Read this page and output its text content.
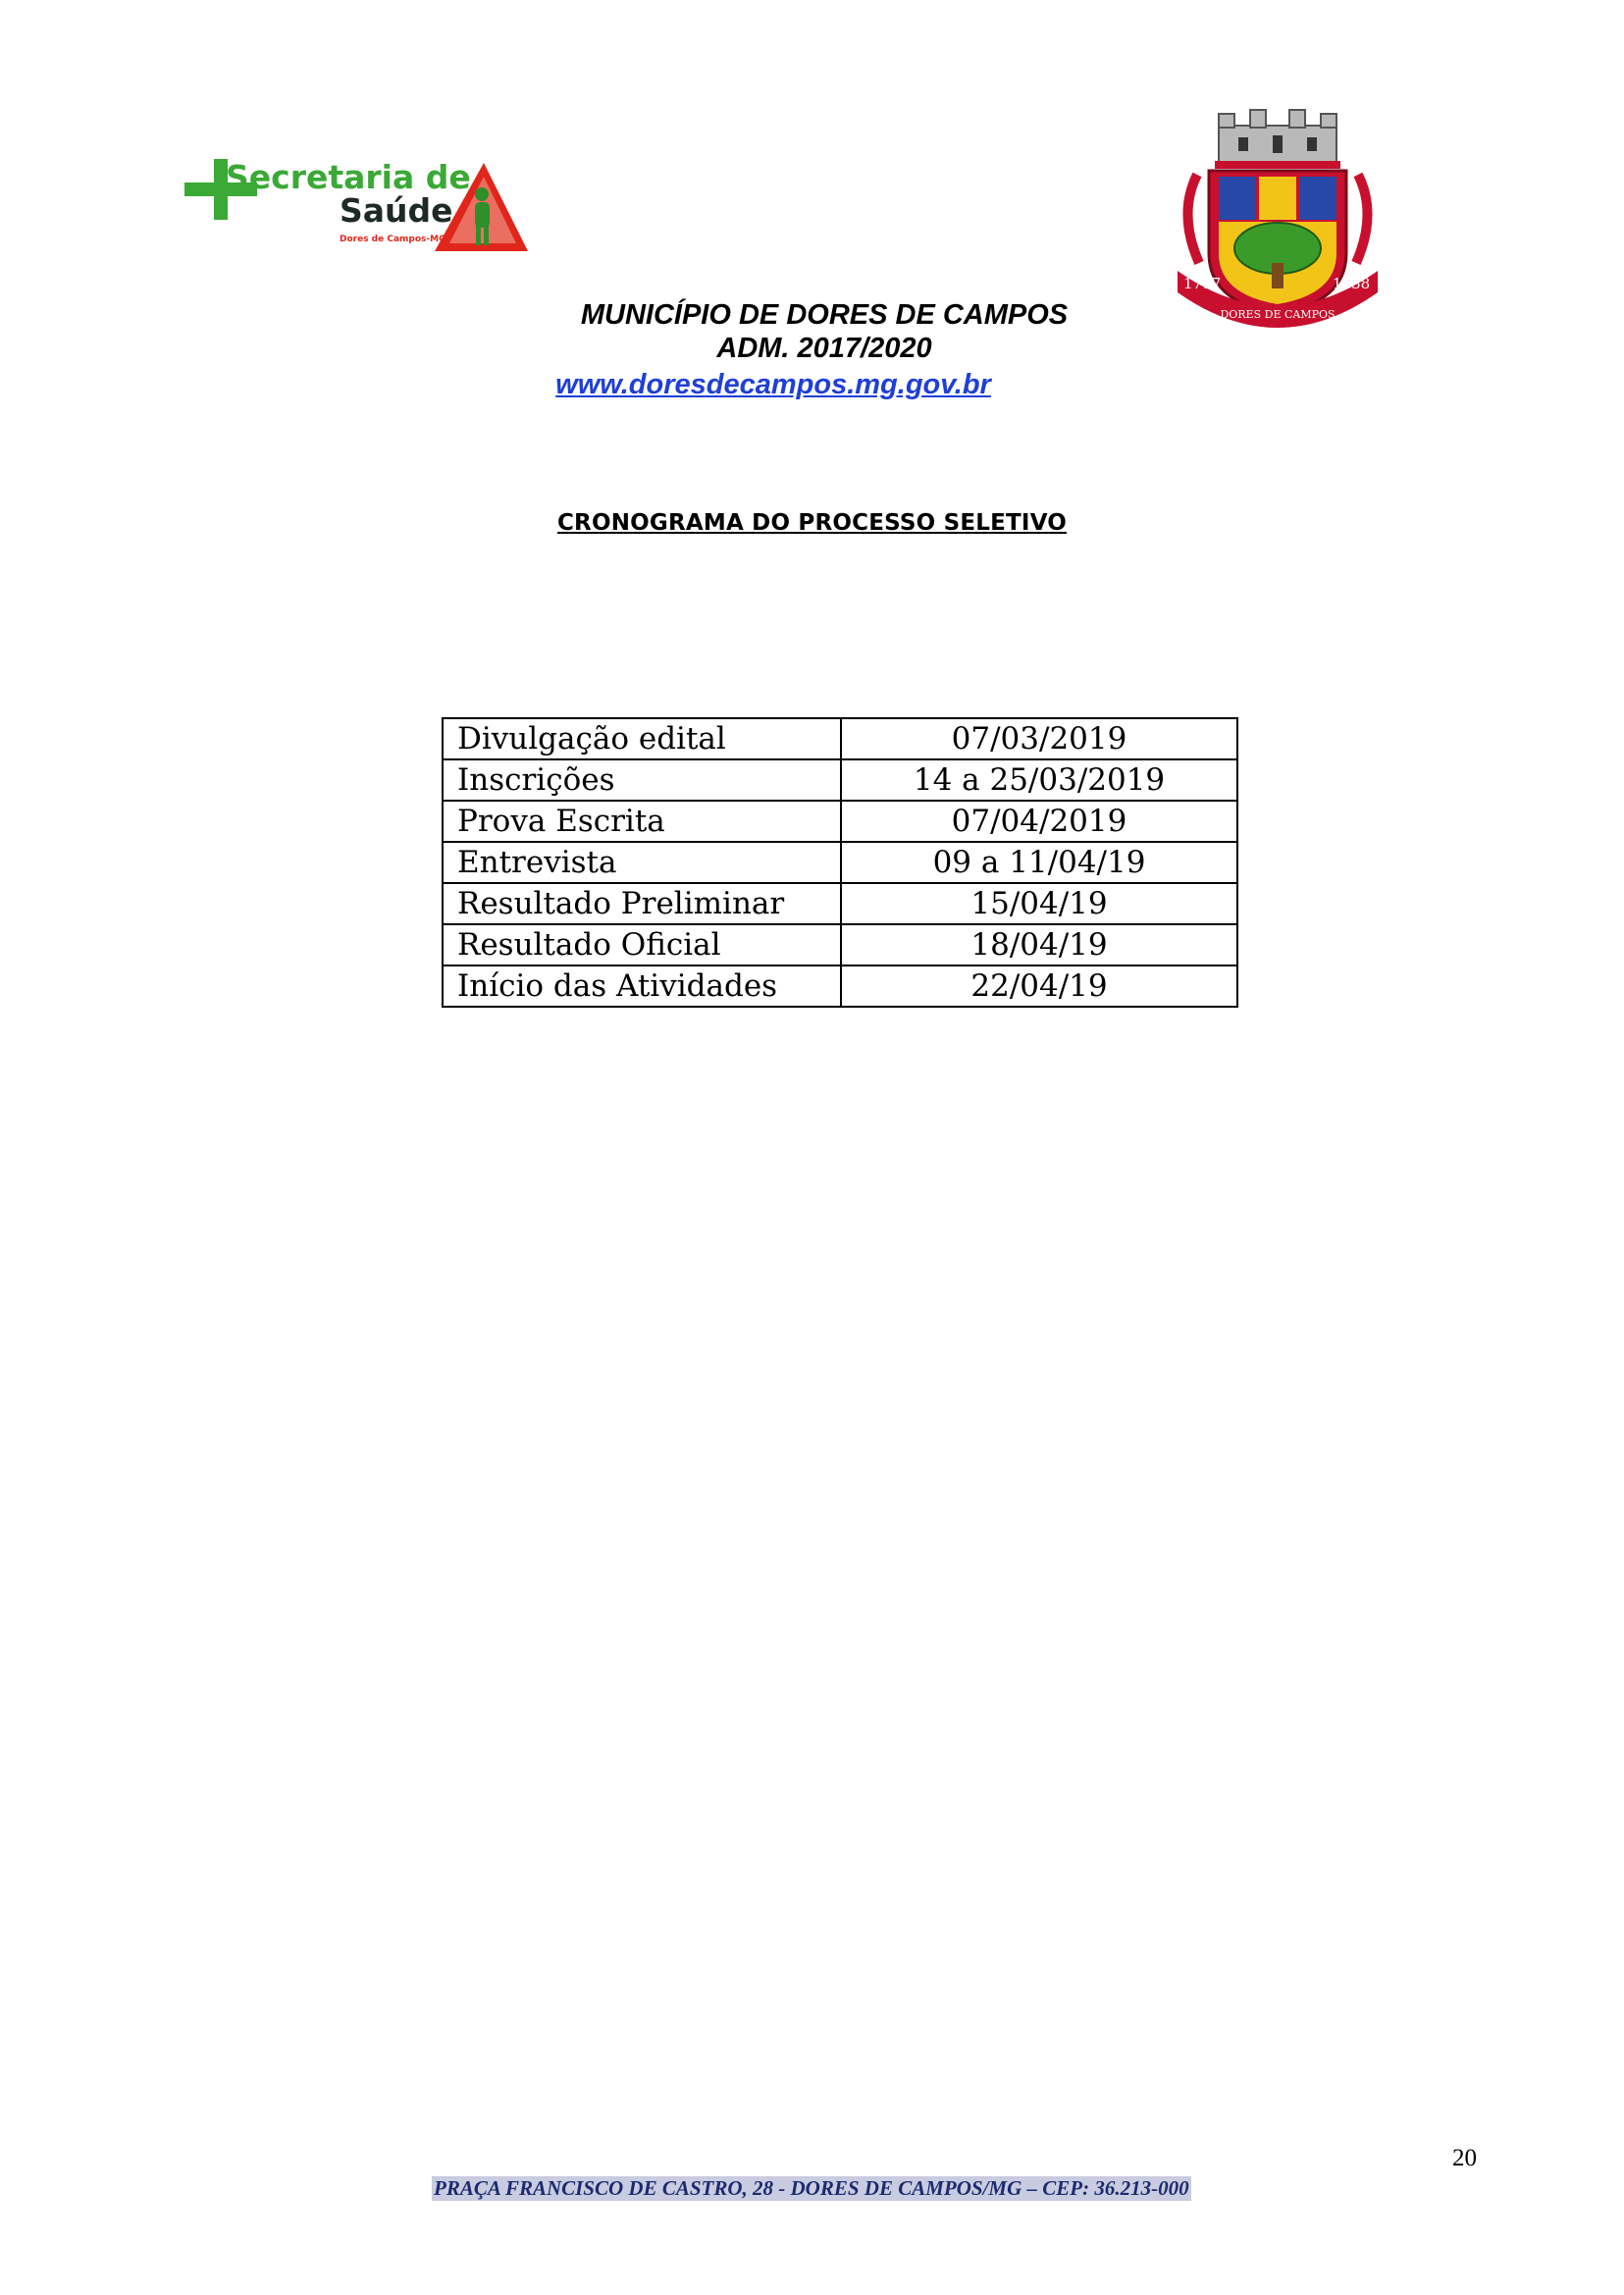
Secretaria de
Saúde
Dores de Campos-MG
1717	1938
DORES DE CAMPOS
MUNICÍPIO DE DORES DE CAMPOS
ADM. 2017/2020
www.doresdecampos.mg.gov.br
CRONOGRAMA DO PROCESSO SELETIVO
Divulgação edital	07/03/2019
Inscrições	14 a 25/03/2019
Prova Escrita	07/04/2019
Entrevista	09 a 11/04/19
Resultado Preliminar	15/04/19
Resultado Oficial	18/04/19
Início das Atividades	22/04/19
20
PRAÇA FRANCISCO DE CASTRO, 28 - DORES DE CAMPOS/MG – CEP: 36.213-000
